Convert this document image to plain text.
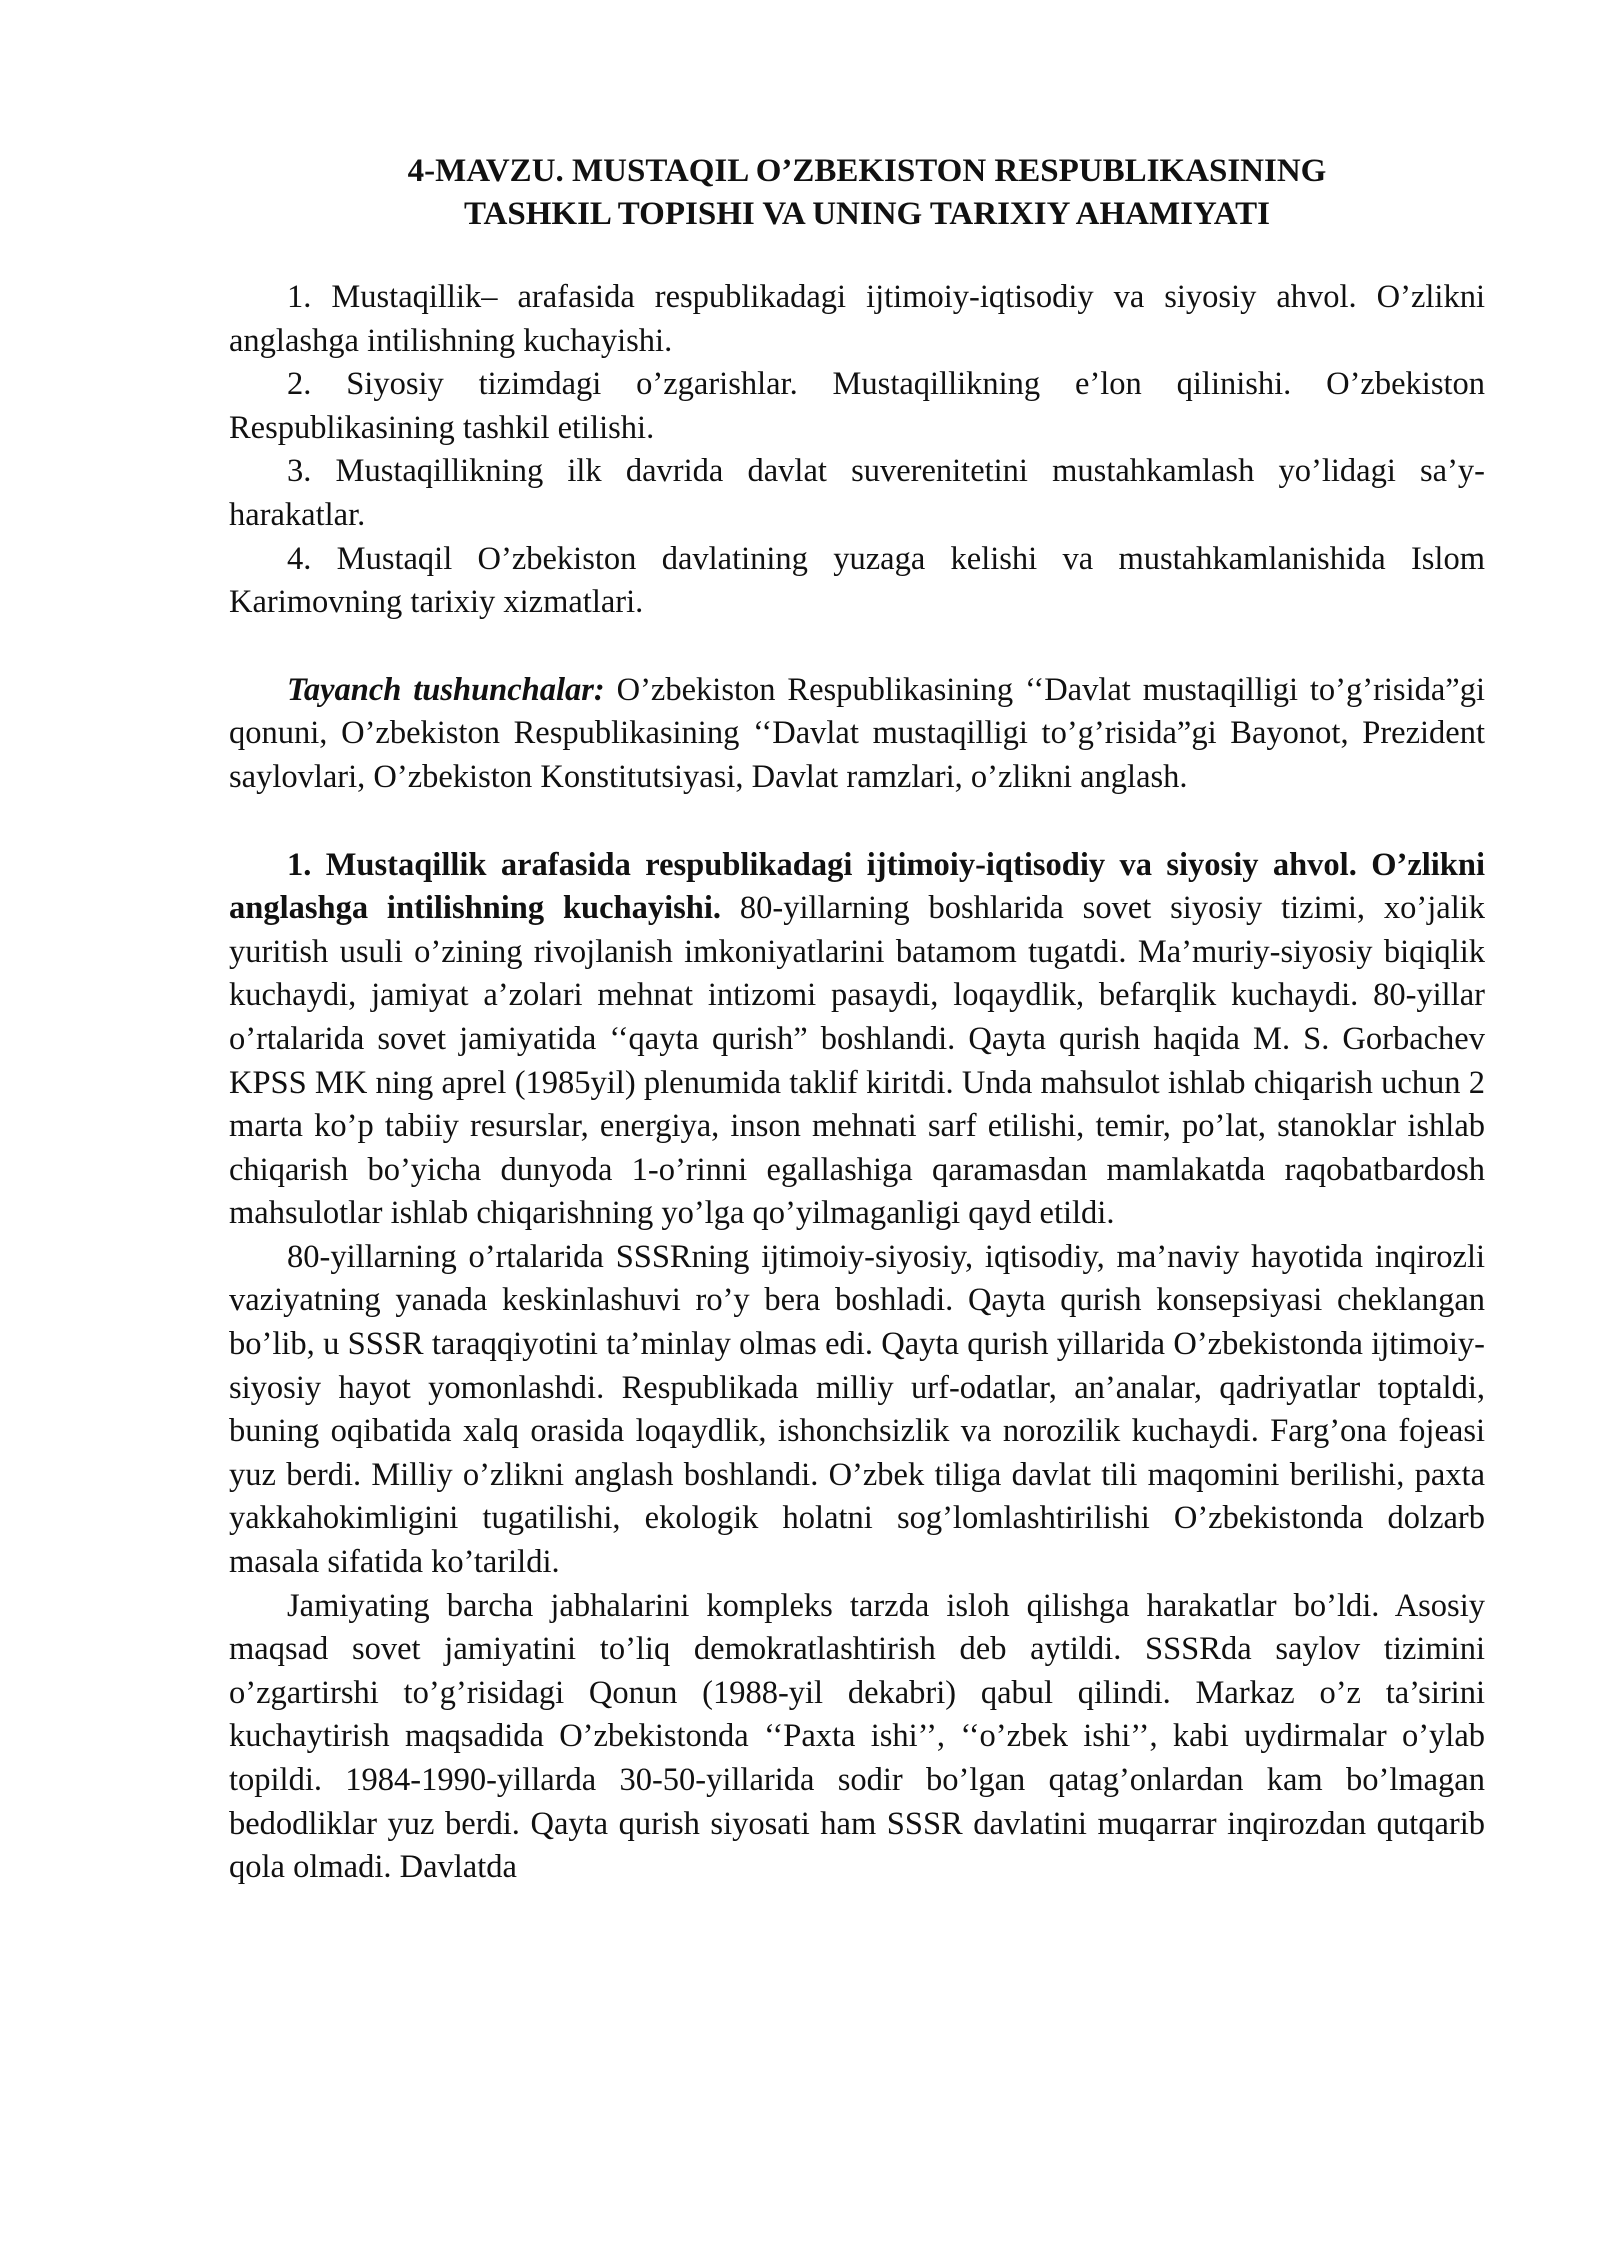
4-MAVZU. MUSTAQIL O’ZBEKISTON RESPUBLIKASINING
TASHKIL TOPISHI VA UNING TARIXIY AHAMIYATI

1. Mustaqillik– arafasida respublikadagi ijtimoiy-iqtisodiy va siyosiy ahvol. O’zlikni anglashga intilishning kuchayishi.

2. Siyosiy tizimdagi o’zgarishlar. Mustaqillikning e’lon qilinishi. O’zbekiston Respublikasining tashkil etilishi.

3. Mustaqillikning ilk davrida davlat suverenitetini mustahkamlash yo’lidagi sa’y-harakatlar.

4. Mustaqil O’zbekiston davlatining yuzaga kelishi va mustahkamlanishida Islom Karimovning tarixiy xizmatlari.

Tayanch tushunchalar: O’zbekiston Respublikasining ‘‘Davlat mustaqilligi to’g’risida”gi qonuni, O’zbekiston Respublikasining ‘‘Davlat mustaqilligi to’g’risida”gi Bayonot, Prezident saylovlari, O’zbekiston Konstitutsiyasi, Davlat ramzlari, o’zlikni anglash.

1. Mustaqillik arafasida respublikadagi ijtimoiy-iqtisodiy va siyosiy ahvol. O’zlikni anglashga intilishning kuchayishi. 80-yillarning boshlarida sovet siyosiy tizimi, xo’jalik yuritish usuli o’zining rivojlanish imkoniyatlarini batamom tugatdi. Ma’muriy-siyosiy biqiqlik kuchaydi, jamiyat a’zolari mehnat intizomi pasaydi, loqaydlik, befarqlik kuchaydi. 80-yillar o’rtalarida sovet jamiyatida ‘‘qayta qurish” boshlandi. Qayta qurish haqida M. S. Gorbachev KPSS MK ning aprel (1985yil) plenumida taklif kiritdi. Unda mahsulot ishlab chiqarish uchun 2 marta ko’p tabiiy resurslar, energiya, inson mehnati sarf etilishi, temir, po’lat, stanoklar ishlab chiqarish bo’yicha dunyoda 1-o’rinni egallashiga qaramasdan mamlakatda raqobatbardosh mahsulotlar ishlab chiqarishning yo’lga qo’yilmaganligi qayd etildi.

80-yillarning o’rtalarida SSSRning ijtimoiy-siyosiy, iqtisodiy, ma’naviy hayotida inqirozli vaziyatning yanada keskinlashuvi ro’y bera boshladi. Qayta qurish konsepsiyasi cheklangan bo’lib, u SSSR taraqqiyotini ta’minlay olmas edi. Qayta qurish yillarida O’zbekistonda ijtimoiy-siyosiy hayot yomonlashdi. Respublikada milliy urf-odatlar, an’analar, qadriyatlar toptaldi, buning oqibatida xalq orasida loqaydlik, ishonchsizlik va norozilik kuchaydi. Farg’ona fojeasi yuz berdi. Milliy o’zlikni anglash boshlandi. O’zbek tiliga davlat tili maqomini berilishi, paxta yakkahokimligini tugatilishi, ekologik holatni sog’lomlashtirilishi O’zbekistonda dolzarb masala sifatida ko’tarildi.

Jamiyating barcha jabhalarini kompleks tarzda isloh qilishga harakatlar bo’ldi. Asosiy maqsad sovet jamiyatini to’liq demokratlashtirish deb aytildi. SSSRda saylov tizimini o’zgartirshi to’g’risidagi Qonun (1988-yil dekabri) qabul qilindi. Markaz o’z ta’sirini kuchaytirish maqsadida O’zbekistonda ‘‘Paxta ishi’’, ‘‘o’zbek ishi’’, kabi uydirmalar o’ylab topildi. 1984-1990-yillarda 30-50-yillarida sodir bo’lgan qatag’onlardan kam bo’lmagan bedodliklar yuz berdi. Qayta qurish siyosati ham SSSR davlatini muqarrar inqirozdan qutqarib qola olmadi. Davlatda
